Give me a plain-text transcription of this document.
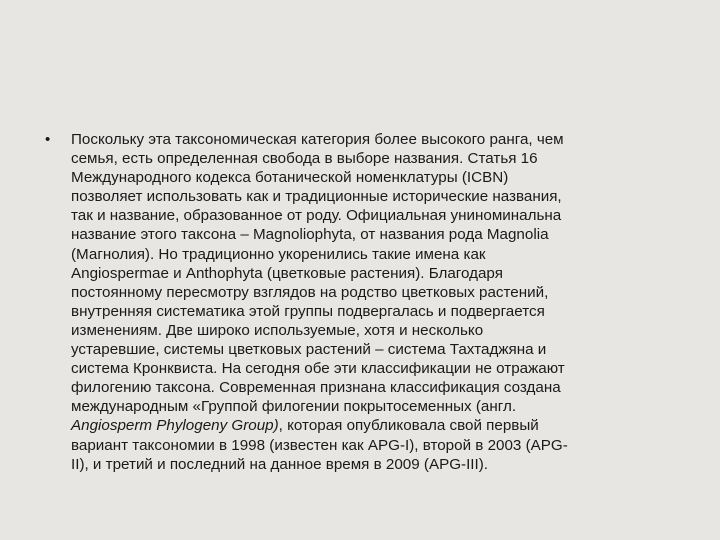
•	Поскольку эта таксономическая категория более высокого ранга, чем
семья, есть определенная свобода в выборе названия. Статья 16
Международного кодекса ботанической номенклатуры (ICBN)
позволяет использовать как и традиционные исторические названия,
так и название, образованное от роду. Официальная униноминальна
название этого таксона – Magnoliophyta, от названия рода Magnolia
(Магнолия). Но традиционно укоренились такие имена как
Angiospermae и Anthophyta (цветковые растения). Благодаря
постоянному пересмотру взглядов на родство цветковых растений,
внутренняя систематика этой группы подвергалась и подвергается
изменениям. Две широко используемые, хотя и несколько
устаревшие, системы цветковых растений – система Тахтаджяна и
система Кронквиста. На сегодня обе эти классификации не отражают
филогению таксона. Современная признана классификация создана
международным «Группой филогении покрытосеменных (англ.
Angiosperm Phylogeny Group), которая опубликовала свой первый
вариант таксономии в 1998 (известен как APG-I), второй в 2003 (APG-
II), и третий и последний на данное время в 2009 (APG-III).
